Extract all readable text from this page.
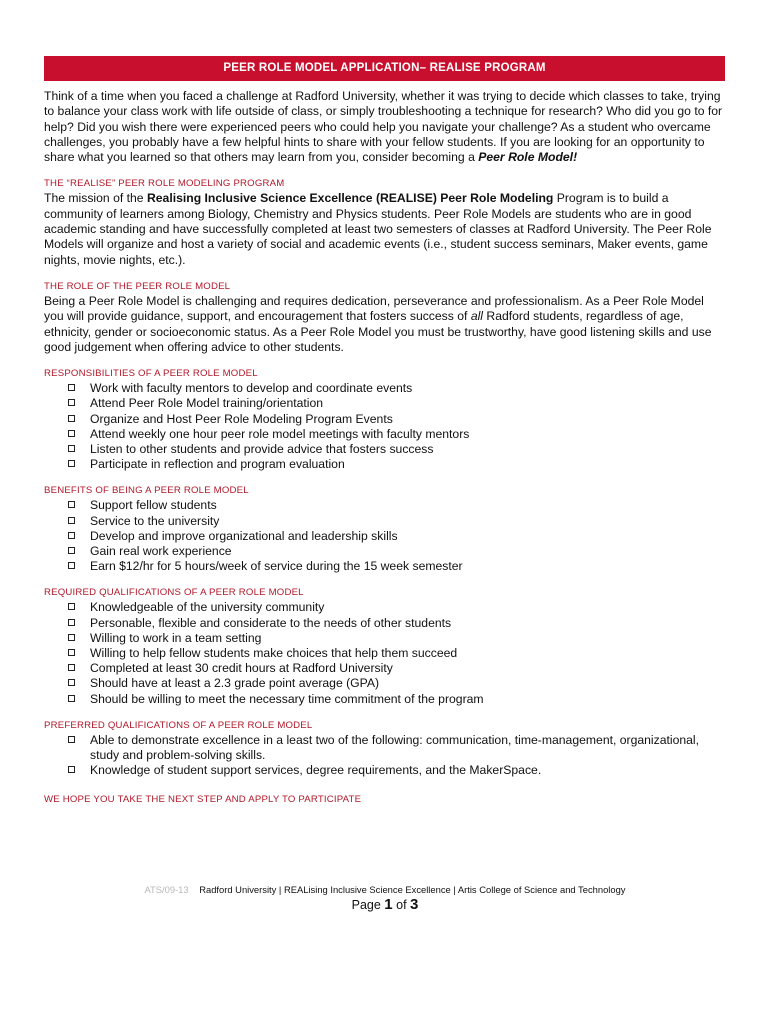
PEER ROLE MODEL APPLICATION– REALISE PROGRAM

Think of a time when you faced a challenge at Radford University, whether it was trying to decide which classes to take, trying to balance your class work with life outside of class, or simply troubleshooting a technique for research? Who did you go to for help? Did you wish there were experienced peers who could help you navigate your challenge? As a student who overcame challenges, you probably have a few helpful hints to share with your fellow students. If you are looking for an opportunity to share what you learned so that others may learn from you, consider becoming a Peer Role Model!

THE “REALISE” PEER ROLE MODELING PROGRAM

The mission of the Realising Inclusive Science Excellence (REALISE) Peer Role Modeling Program is to build a community of learners among Biology, Chemistry and Physics students. Peer Role Models are students who are in good academic standing and have successfully completed at least two semesters of classes at Radford University. The Peer Role Models will organize and host a variety of social and academic events (i.e., student success seminars, Maker events, game nights, movie nights, etc.).

THE ROLE OF THE PEER ROLE MODEL

Being a Peer Role Model is challenging and requires dedication, perseverance and professionalism. As a Peer Role Model you will provide guidance, support, and encouragement that fosters success of all Radford students, regardless of age, ethnicity, gender or socioeconomic status. As a Peer Role Model you must be trustworthy, have good listening skills and use good judgement when offering advice to other students.

RESPONSIBILITIES OF A PEER ROLE MODEL
Work with faculty mentors to develop and coordinate events
Attend Peer Role Model training/orientation
Organize and Host Peer Role Modeling Program Events
Attend weekly one hour peer role model meetings with faculty mentors
Listen to other students and provide advice that fosters success
Participate in reflection and program evaluation
BENEFITS OF BEING A PEER ROLE MODEL
Support fellow students
Service to the university
Develop and improve organizational and leadership skills
Gain real work experience
Earn $12/hr for 5 hours/week of service during the 15 week semester
REQUIRED QUALIFICATIONS OF A PEER ROLE MODEL
Knowledgeable of the university community
Personable, flexible and considerate to the needs of other students
Willing to work in a team setting
Willing to help fellow students make choices that help them succeed
Completed at least 30 credit hours at Radford University
Should have at least a 2.3 grade point average (GPA)
Should be willing to meet the necessary time commitment of the program
PREFERRED QUALIFICATIONS OF A PEER ROLE MODEL
Able to demonstrate excellence in a least two of the following: communication, time-management, organizational, study and problem-solving skills.
Knowledge of student support services, degree requirements, and the MakerSpace.
WE HOPE YOU TAKE THE NEXT STEP AND APPLY TO PARTICIPATE
ATS/09-13 Radford University | REALising Inclusive Science Excellence | Artis College of Science and Technology
Page 1 of 3
